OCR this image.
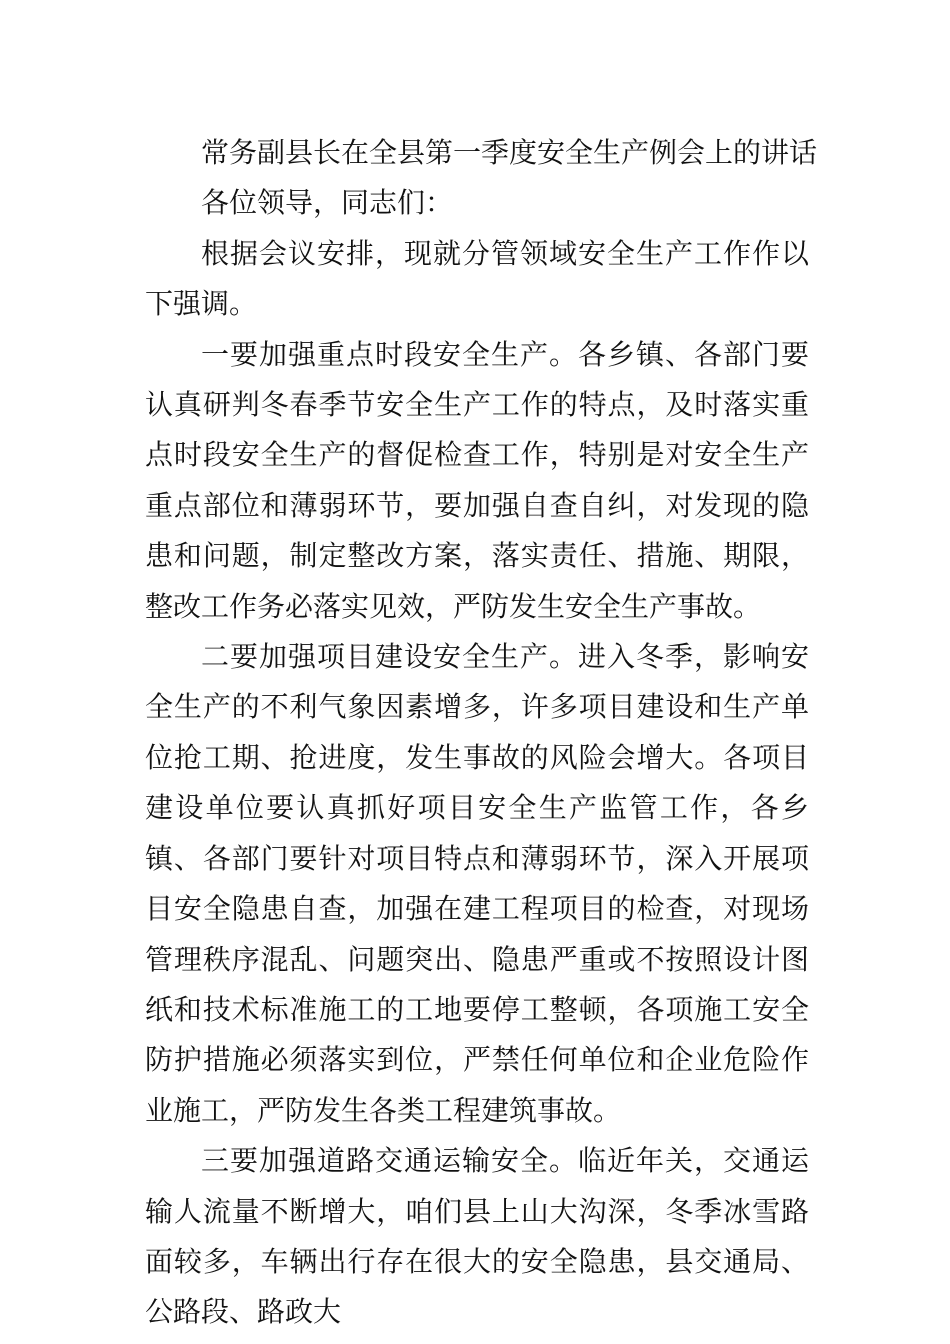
常务副县长在全县第一季度安全生产例会上的讲话

各位领导，同志们：

根据会议安排，现就分管领域安全生产工作作以下强调。

一要加强重点时段安全生产。各乡镇、各部门要认真研判冬春季节安全生产工作的特点，及时落实重点时段安全生产的督促检查工作，特别是对安全生产重点部位和薄弱环节，要加强自查自纠，对发现的隐患和问题，制定整改方案，落实责任、措施、期限，整改工作务必落实见效，严防发生安全生产事故。

二要加强项目建设安全生产。进入冬季，影响安全生产的不利气象因素增多，许多项目建设和生产单位抢工期、抢进度，发生事故的风险会增大。各项目建设单位要认真抓好项目安全生产监管工作，各乡镇、各部门要针对项目特点和薄弱环节，深入开展项目安全隐患自查，加强在建工程项目的检查，对现场管理秩序混乱、问题突出、隐患严重或不按照设计图纸和技术标准施工的工地要停工整顿，各项施工安全防护措施必须落实到位，严禁任何单位和企业危险作业施工，严防发生各类工程建筑事故。

三要加强道路交通运输安全。临近年关，交通运输人流量不断增大，咱们县上山大沟深，冬季冰雪路面较多，车辆出行存在很大的安全隐患，县交通局、公路段、路政大
